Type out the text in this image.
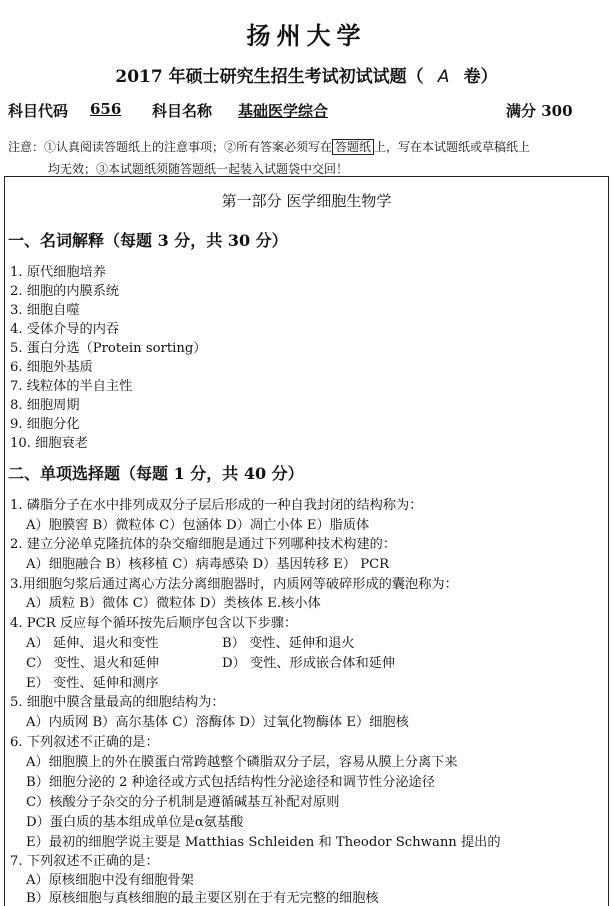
扬州大学
2017 年硕士研究生招生考试初试试题（ A 卷）
科目代码 656 科目名称 基础医学综合	满分 300
注意：①认真阅读答题纸上的注意事项；②所有答案必须写在 答题纸 上，写在本试题纸或草稿纸上
均无效；③本试题纸须随答题纸一起装入试题袋中交回！
第一部分 医学细胞生物学
一、名词解释（每题 3 分，共 30 分）
1. 原代细胞培养
2. 细胞的内膜系统
3. 细胞自噬
4. 受体介导的内吞
5. 蛋白分选（Protein sorting）
6. 细胞外基质
7. 线粒体的半自主性
8. 细胞周期
9. 细胞分化
10. 细胞衰老
二、单项选择题（每题 1 分，共 40 分）
1. 磷脂分子在水中排列成双分子层后形成的一种自我封闭的结构称为：
A）胞膜窖 B）微粒体 C）包涵体 D）凋亡小体 E）脂质体
2. 建立分泌单克隆抗体的杂交瘤细胞是通过下列哪种技术构建的：
A）细胞融合 B）核移植 C）病毒感染 D）基因转移 E） PCR
3.用细胞匀浆后通过离心方法分离细胞器时，内质网等破碎形成的囊泡称为：
A）质粒 B）微体 C）微粒体 D）类核体 E.核小体
4. PCR 反应每个循环按先后顺序包含以下步骤：
A） 延伸、退火和变性	B） 变性、延伸和退火
C） 变性、退火和延伸	D） 变性、形成嵌合体和延伸
E） 变性、延伸和测序
5. 细胞中膜含量最高的细胞结构为：
A）内质网 B）高尔基体 C）溶酶体 D）过氧化物酶体 E）细胞核
6. 下列叙述不正确的是：
A）细胞膜上的外在膜蛋白常跨越整个磷脂双分子层，容易从膜上分离下来
B）细胞分泌的 2 种途径或方式包括结构性分泌途径和调节性分泌途径
C）核酸分子杂交的分子机制是遵循碱基互补配对原则
D）蛋白质的基本组成单位是α氨基酸
E）最初的细胞学说主要是 Matthias Schleiden 和 Theodor Schwann 提出的
7. 下列叙述不正确的是：
A）原核细胞中没有细胞骨架
B）原核细胞与真核细胞的最主要区别在于有无完整的细胞核
